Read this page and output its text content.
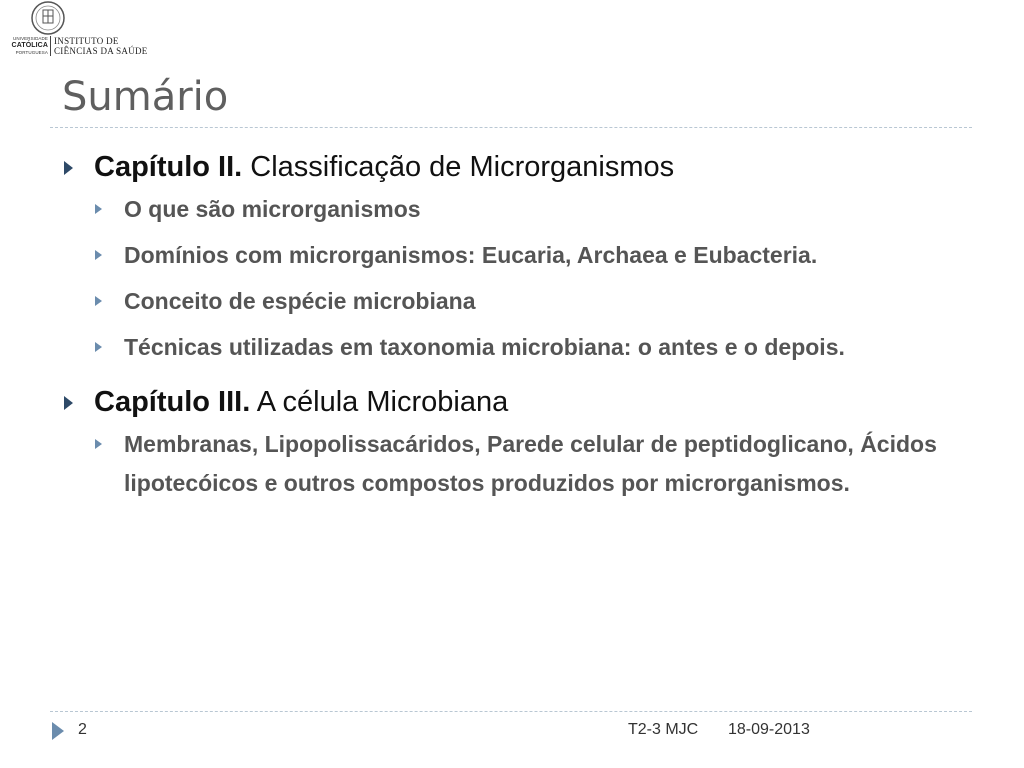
UNIVERSIDADE
CATÓLICA
PORTUGUESA
INSTITUTO DE
CIÊNCIAS DA SAÚDE
Sumário
Capítulo II. Classificação de Microrganismos
O que são microrganismos
Domínios com microrganismos: Eucaria, Archaea e Eubacteria.
Conceito de espécie microbiana
Técnicas utilizadas em taxonomia microbiana: o antes e o depois.
Capítulo III. A célula Microbiana
Membranas, Lipopolissacáridos, Parede celular de peptidoglicano, Ácidos lipotecóicos e outros compostos produzidos por microrganismos.
2	T2-3 MJC 18-09-2013
